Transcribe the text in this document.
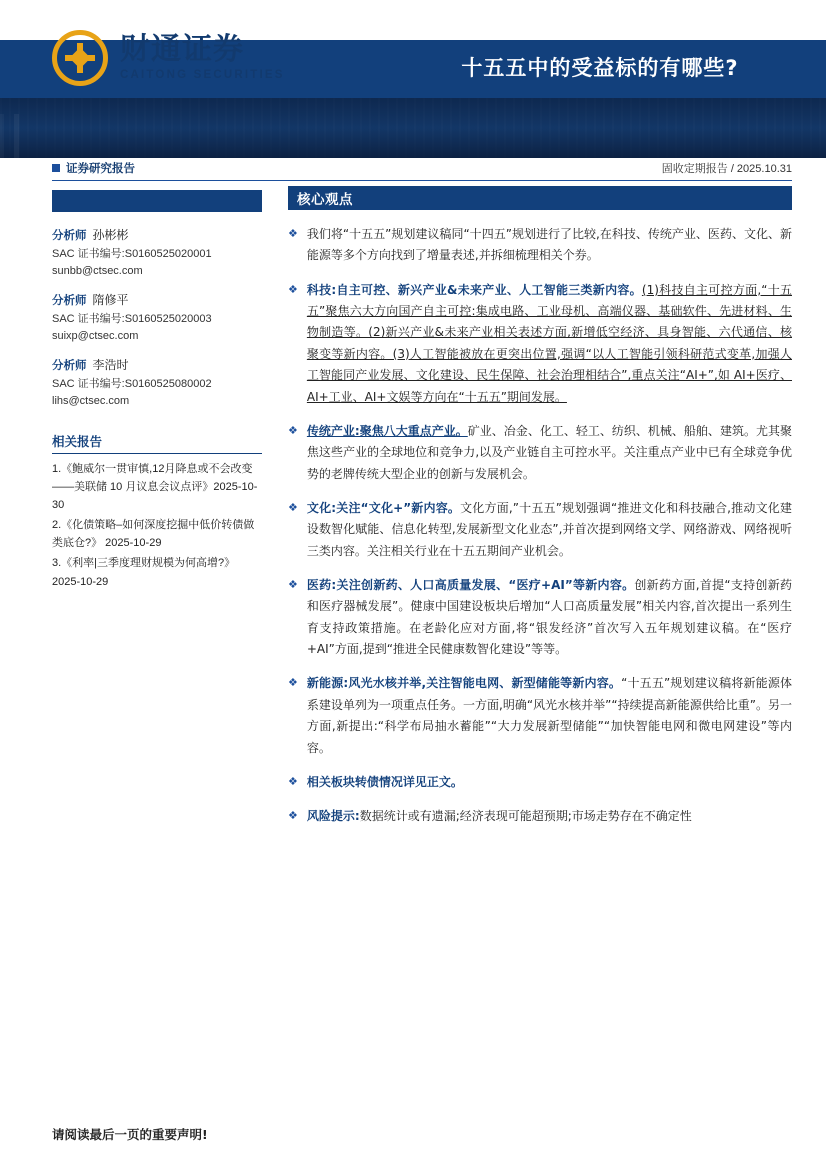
财通证券
CAITONG SECURITIES	十五五中的受益标的有哪些?
证券研究报告	固收定期报告 / 2025.10.31
分析师 孙彬彬
SAC 证书编号:S0160525020001
sunbb@ctsec.com
分析师 隋修平
SAC 证书编号:S0160525020003
suixp@ctsec.com
分析师 李浩时
SAC 证书编号:S0160525080002
lihs@ctsec.com
相关报告
1.《鲍威尔一贯审慎,12月降息或不会改变 ——美联储 10 月议息会议点评》2025-10-30
2.《化债策略–如何深度挖掘中低价转债做类底仓?》 2025-10-29
3.《利率|三季度理财规模为何高增?》2025-10-29
核心观点
❖ 我们将“十五五”规划建议稿同“十四五”规划进行了比较,在科技、传统产业、医药、文化、新能源等多个方向找到了增量表述,并拆细梳理相关个券。
❖ 科技:自主可控、新兴产业&未来产业、人工智能三类新内容。(1)科技自主可控方面,“十五五”聚焦六大方向国产自主可控:集成电路、工业母机、高端仪器、基础软件、先进材料、生物制造等。(2)新兴产业&未来产业相关表述方面,新增低空经济、具身智能、六代通信、核聚变等新内容。(3)人工智能被放在更突出位置,强调“以人工智能引领科研范式变革,加强人工智能同产业发展、文化建设、民生保障、社会治理相结合”,重点关注“AI+”,如 AI+医疗、AI+工业、AI+文娱等方向在“十五五”期间发展。
❖ 传统产业:聚焦八大重点产业。矿业、冶金、化工、轻工、纺织、机械、船舶、建筑。尤其聚焦这些产业的全球地位和竞争力,以及产业链自主可控水平。关注重点产业中已有全球竞争优势的老牌传统大型企业的创新与发展机会。
❖ 文化:关注“文化+”新内容。文化方面,”十五五”规划强调“推进文化和科技融合,推动文化建设数智化赋能、信息化转型,发展新型文化业态”,并首次提到网络文学、网络游戏、网络视听三类内容。关注相关行业在十五五期间产业机会。
❖ 医药:关注创新药、人口高质量发展、“医疗+AI”等新内容。创新药方面,首提“支持创新药和医疗器械发展”。健康中国建设板块后增加“人口高质量发展”相关内容,首次提出一系列生育支持政策措施。在老龄化应对方面,将“银发经济”首次写入五年规划建议稿。在“医疗+AI”方面,提到“推进全民健康数智化建设”等等。
❖ 新能源:风光水核并举,关注智能电网、新型储能等新内容。“十五五”规划建议稿将新能源体系建设单列为一项重点任务。一方面,明确“风光水核并举”“持续提高新能源供给比重”。另一方面,新提出:“科学布局抽水蓄能”“大力发展新型储能”“加快智能电网和微电网建设”等内容。
❖ 相关板块转债情况详见正文。
❖ 风险提示:数据统计或有遗漏;经济表现可能超预期;市场走势存在不确定性
请阅读最后一页的重要声明!
